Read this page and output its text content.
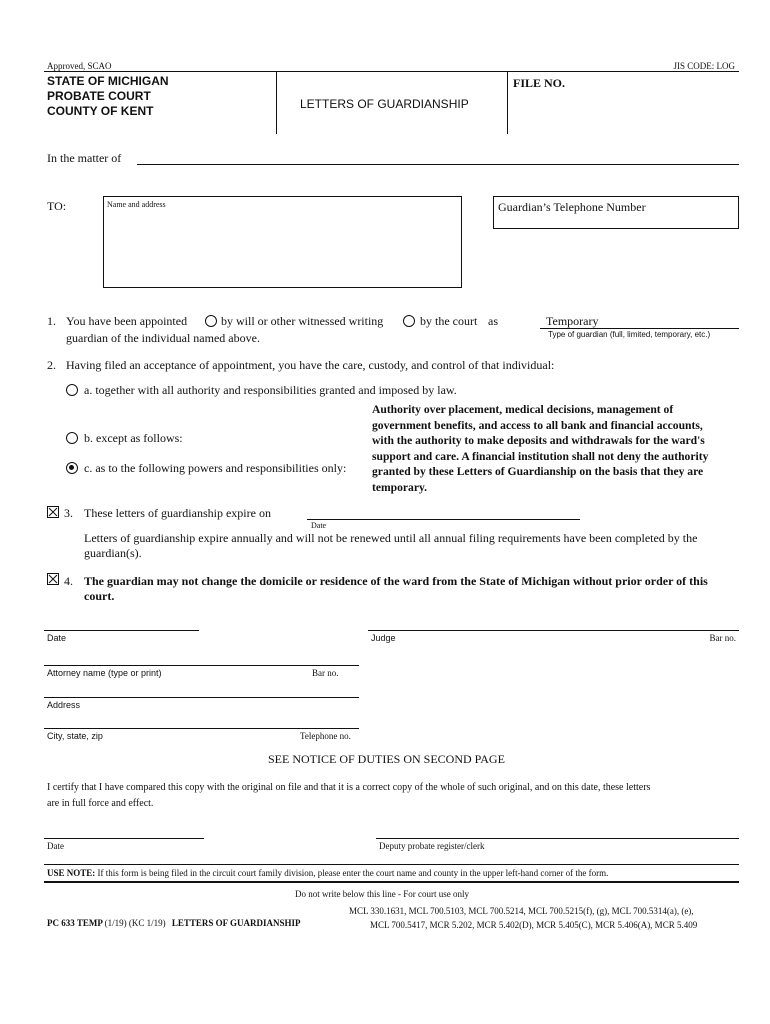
Approved, SCAO	JIS CODE: LOG
STATE OF MICHIGAN
PROBATE COURT
COUNTY OF KENT	LETTERS OF GUARDIANSHIP
FILE NO.
In the matter of
TO:	Name and address	Guardian’s Telephone Number
1. You have been appointed	by will or other witnessed writing	by the court as	Temporary
Type of guardian (full, limited, temporary, etc.)
guardian of the individual named above.
2. Having filed an acceptance of appointment, you have the care, custody, and control of that individual:
a. together with all authority and responsibilities granted and imposed by law.
b. except as follows:
c. as to the following powers and responsibilities only:
Authority over placement, medical decisions, management of government benefits, and access to all bank and financial accounts, with the authority to make deposits and withdrawals for the ward's support and care. A financial institution shall not deny the authority granted by these Letters of Guardianship on the basis that they are temporary.
3. These letters of guardianship expire on
Date
Letters of guardianship expire annually and will not be renewed until all annual filing requirements have been completed by the guardian(s).
4. The guardian may not change the domicile or residence of the ward from the State of Michigan without prior order of this court.
Date	Judge	Bar no.
Attorney name (type or print)	Bar no.
Address
City, state, zip	Telephone no.
SEE NOTICE OF DUTIES ON SECOND PAGE
I certify that I have compared this copy with the original on file and that it is a correct copy of the whole of such original, and on this date, these letters are in full force and effect.
Date	Deputy probate register/clerk
USE NOTE: If this form is being filed in the circuit court family division, please enter the court name and county in the upper left-hand corner of the form.
Do not write below this line - For court use only
PC 633 TEMP (1/19) (KC 1/19) LETTERS OF GUARDIANSHIP
MCL 330.1631, MCL 700.5103, MCL 700.5214, MCL 700.5215(f), (g), MCL 700.5314(a), (e),
MCL 700.5417, MCR 5.202, MCR 5.402(D), MCR 5.405(C), MCR 5.406(A), MCR 5.409
